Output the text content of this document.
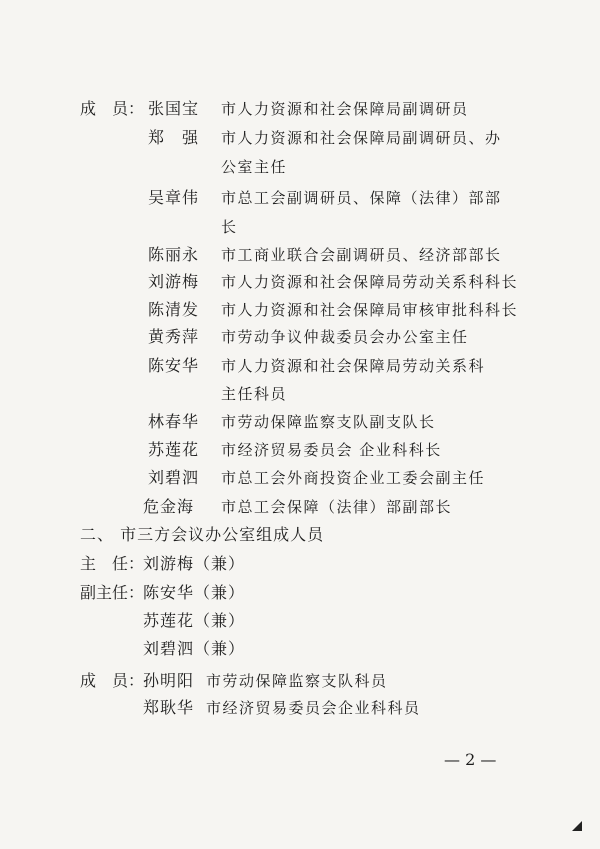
成　员： 张国宝 市人力资源和社会保障局副调研员
郑　强 市人力资源和社会保障局副调研员、办
公室主任
吴章伟 市总工会副调研员、保障（法律）部部
长
陈丽永 市工商业联合会副调研员、经济部部长
刘游梅 市人力资源和社会保障局劳动关系科科长
陈清发 市人力资源和社会保障局审核审批科科长
黄秀萍 市劳动争议仲裁委员会办公室主任
陈安华 市人力资源和社会保障局劳动关系科
主任科员
林春华 市劳动保障监察支队副支队长
苏莲花 市经济贸易委员会 企业科科长
刘碧泗 市总工会外商投资企业工委会副主任
危金海 市总工会保障（法律）部副部长
二、 市三方会议办公室组成人员
主　任：
刘游梅（兼）
副主任：
陈安华（兼）
苏莲花（兼）
刘碧泗（兼）
成　员：
孙明阳 市劳动保障监察支队科员
郑耿华 市经济贸易委员会企业科科员
— 2 —
